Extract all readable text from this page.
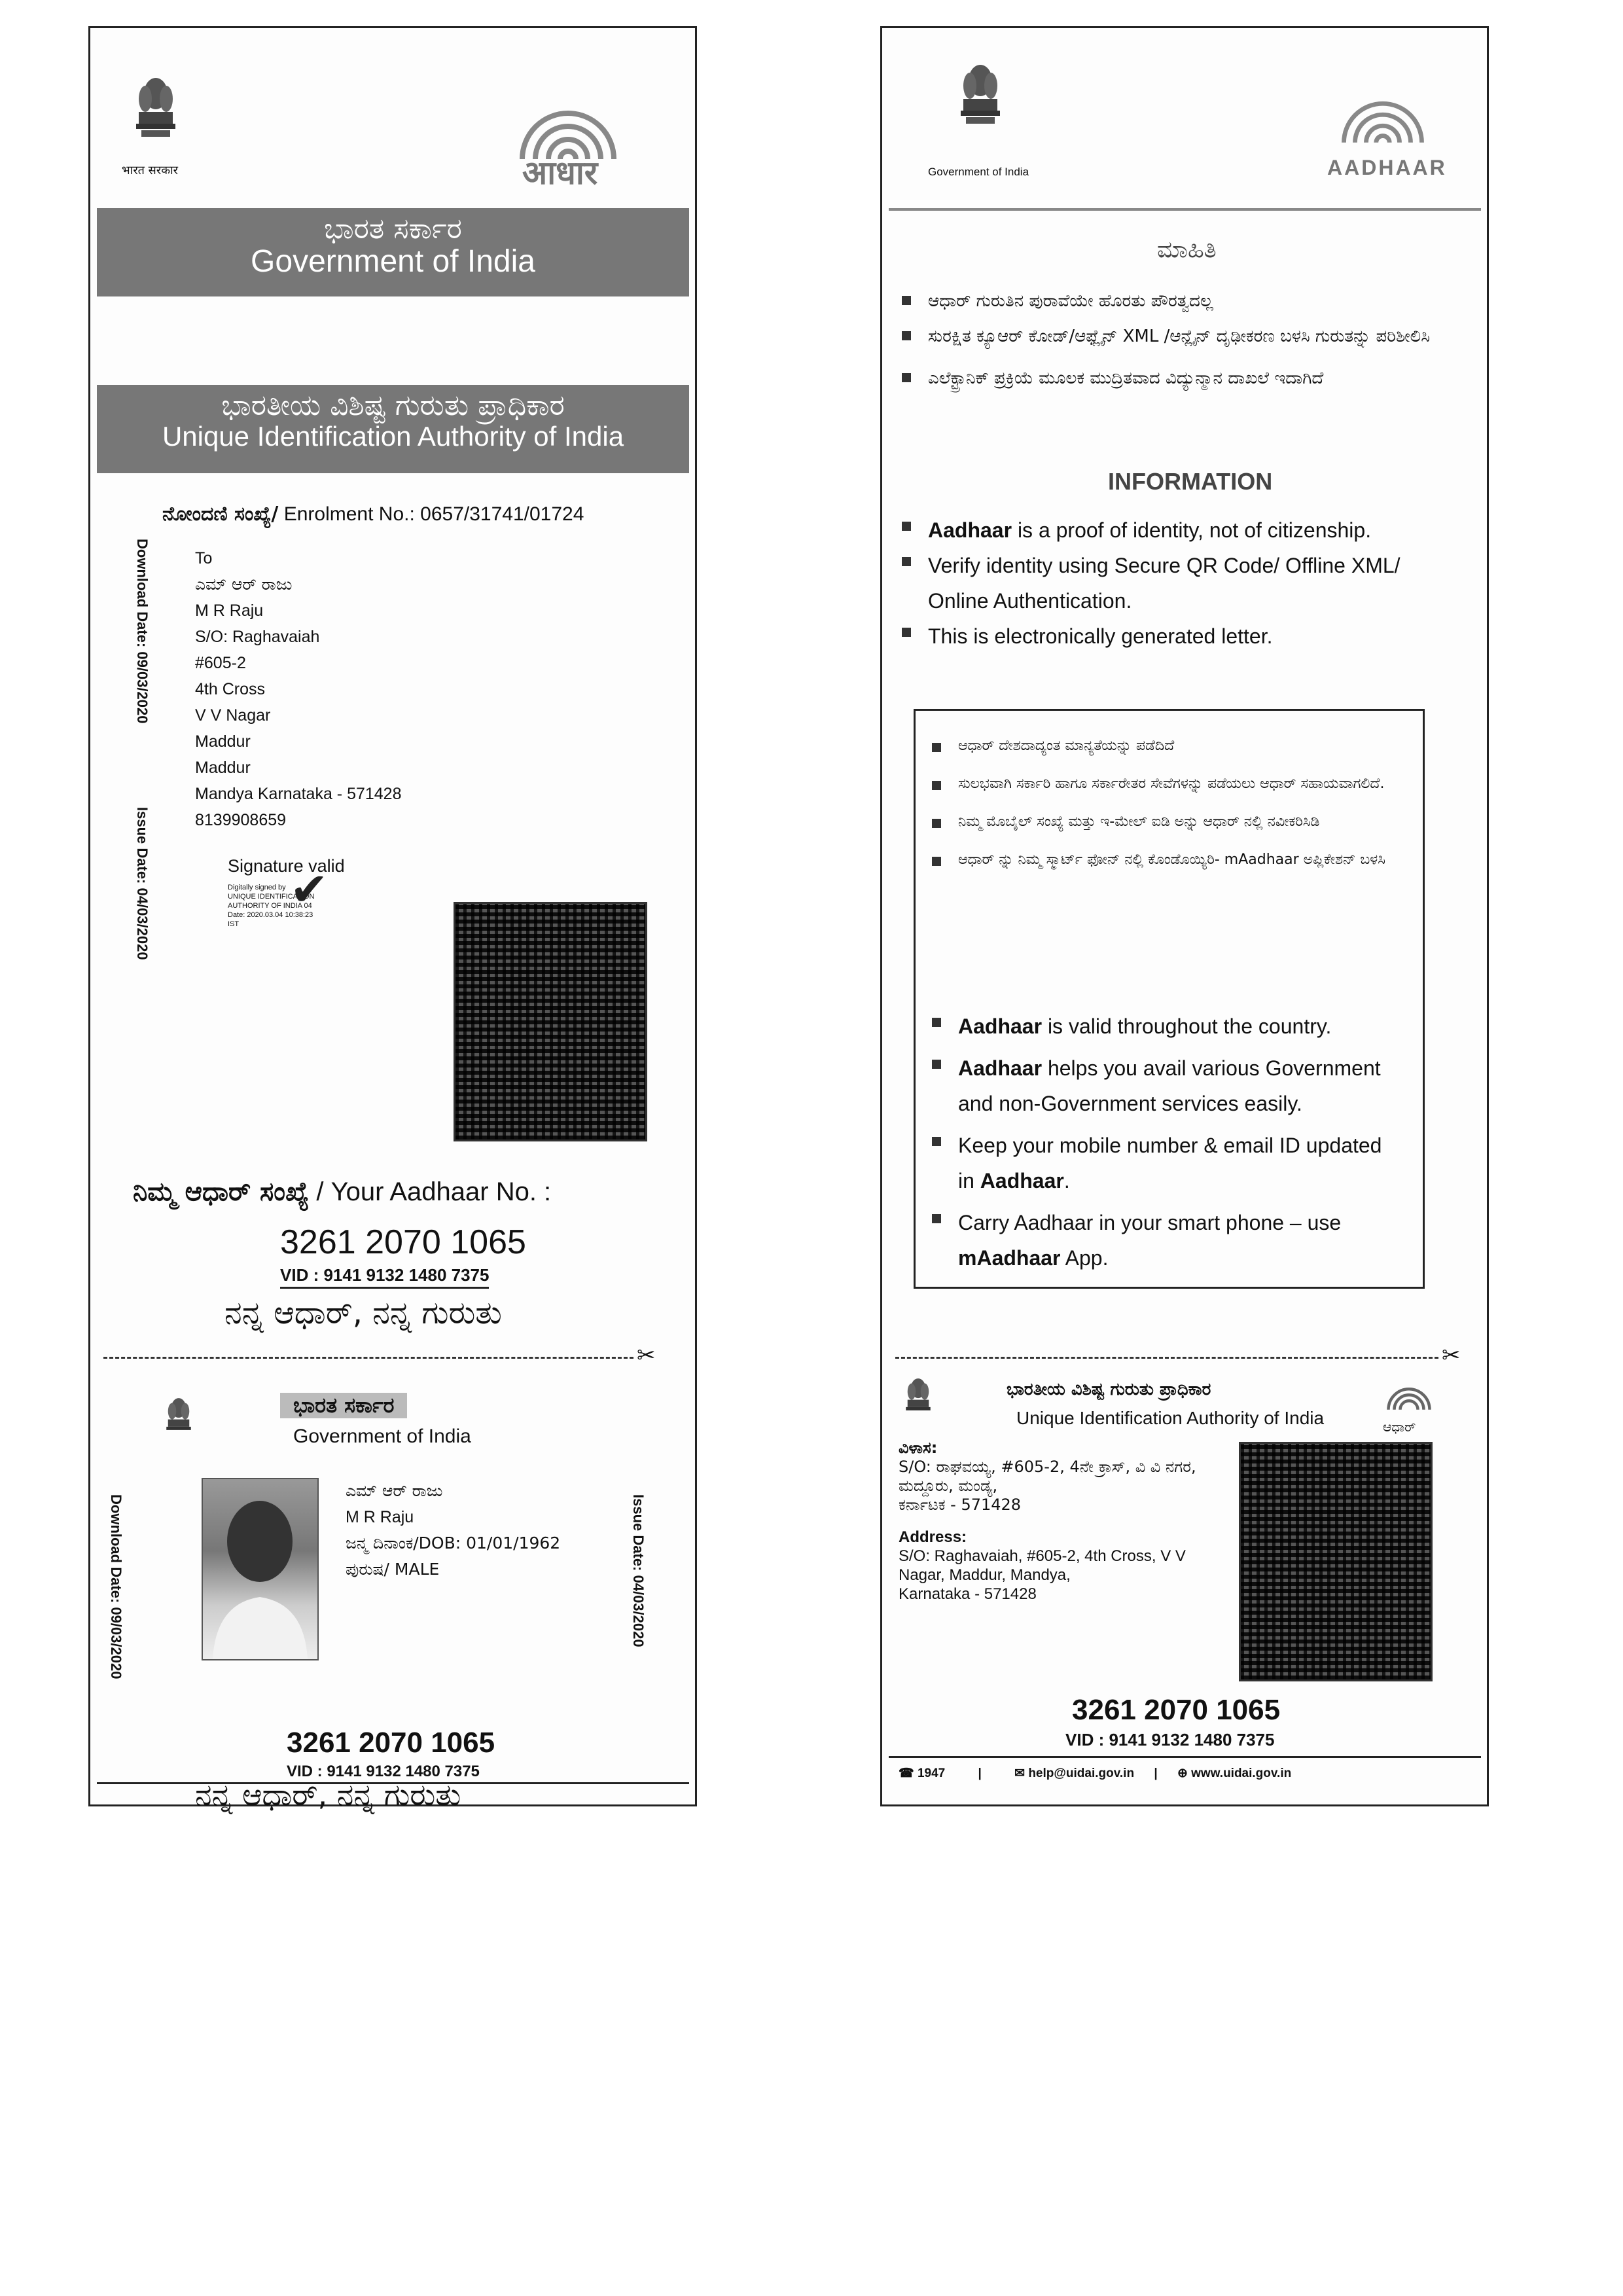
भारत सरकार	आधार
ಭಾರತ ಸರ್ಕಾರ
Government of India
ಭಾರತೀಯ ವಿಶಿಷ್ಟ ಗುರುತು ಪ್ರಾಧಿಕಾರ
Unique Identification Authority of India
ನೋಂದಣಿ ಸಂಖ್ಯೆ/ Enrolment No.: 0657/31741/01724
Download Date: 09/03/2020
Issue Date: 04/03/2020
To
ಎಮ್ ಆರ್ ರಾಜು
M R Raju
S/O: Raghavaiah
#605-2
4th Cross
V V Nagar
Maddur
Maddur
Mandya Karnataka - 571428
8139908659
Signature valid
Digitally signed by
UNIQUE IDENTIFICATION
AUTHORITY OF INDIA 04
Date: 2020.03.04 10:38:23
IST
✔
ನಿಮ್ಮ ಆಧಾರ್ ಸಂಖ್ಯೆ / Your Aadhaar No. :
3261 2070 1065
VID : 9141 9132 1480 7375
ನನ್ನ ಆಧಾರ್, ನನ್ನ ಗುರುತು
✂
ಭಾರತ ಸರ್ಕಾರ
Government of India
Download Date: 09/03/2020	Issue Date: 04/03/2020
ಎಮ್ ಆರ್ ರಾಜು
M R Raju
ಜನ್ಮ ದಿನಾಂಕ/DOB: 01/01/1962
ಪುರುಷ/ MALE
3261 2070 1065
VID : 9141 9132 1480 7375
ನನ್ನ ಆಧಾರ್, ನನ್ನ ಗುರುತು
Government of India	AADHAAR
ಮಾಹಿತಿ
ಆಧಾರ್ ಗುರುತಿನ ಪುರಾವೆಯೇ ಹೊರತು ಪೌರತ್ವದಲ್ಲ
ಸುರಕ್ಷಿತ ಕ್ಯೂಆರ್ ಕೋಡ್/ಆಫ್ಲೈನ್ XML /ಆನ್ಲೈನ್ ದೃಢೀಕರಣ ಬಳಸಿ ಗುರುತನ್ನು ಪರಿಶೀಲಿಸಿ
ಎಲೆಕ್ಟ್ರಾನಿಕ್ ಪ್ರಕ್ರಿಯೆ ಮೂಲಕ ಮುದ್ರಿತವಾದ ವಿದ್ಯುನ್ಮಾನ ದಾಖಲೆ ಇದಾಗಿದೆ
INFORMATION
Aadhaar is a proof of identity, not of citizenship.
Verify identity using Secure QR Code/ Offline XML/ Online Authentication.
This is electronically generated letter.
ಆಧಾರ್ ದೇಶದಾದ್ಯಂತ ಮಾನ್ಯತೆಯನ್ನು ಪಡೆದಿದೆ
ಸುಲಭವಾಗಿ ಸರ್ಕಾರಿ ಹಾಗೂ ಸರ್ಕಾರೇತರ ಸೇವೆಗಳನ್ನು ಪಡೆಯಲು ಆಧಾರ್ ಸಹಾಯವಾಗಲಿದೆ.
ನಿಮ್ಮ ಮೊಬೈಲ್ ಸಂಖ್ಯೆ ಮತ್ತು ಇ-ಮೇಲ್ ಐಡಿ ಅನ್ನು ಆಧಾರ್ ನಲ್ಲಿ ನವೀಕರಿಸಿಡಿ
ಆಧಾರ್ ನ್ನು ನಿಮ್ಮ ಸ್ಮಾರ್ಟ್ ಫೋನ್ ನಲ್ಲಿ ಕೊಂಡೊಯ್ಯಿರಿ- mAadhaar ಅಪ್ಲಿಕೇಶನ್ ಬಳಸಿ
Aadhaar is valid throughout the country.
Aadhaar helps you avail various Government and non-Government services easily.
Keep your mobile number & email ID updated in Aadhaar.
Carry Aadhaar in your smart phone – use mAadhaar App.
✂
ಭಾರತೀಯ ವಿಶಿಷ್ಟ ಗುರುತು ಪ್ರಾಧಿಕಾರ
Unique Identification Authority of India	ಆಧಾರ್
ವಿಳಾಸ:
S/O: ರಾಘವಯ್ಯ, #605-2, 4ನೇ ಕ್ರಾಸ್, ವಿ ವಿ ನಗರ,
ಮದ್ದೂರು, ಮಂಡ್ಯ,
ಕರ್ನಾಟಕ - 571428
Address:
S/O: Raghavaiah, #605-2, 4th Cross, V V
Nagar, Maddur, Mandya,
Karnataka - 571428
3261 2070 1065
VID : 9141 9132 1480 7375
☎ 1947	|	✉ help@uidai.gov.in | ⊕ www.uidai.gov.in
